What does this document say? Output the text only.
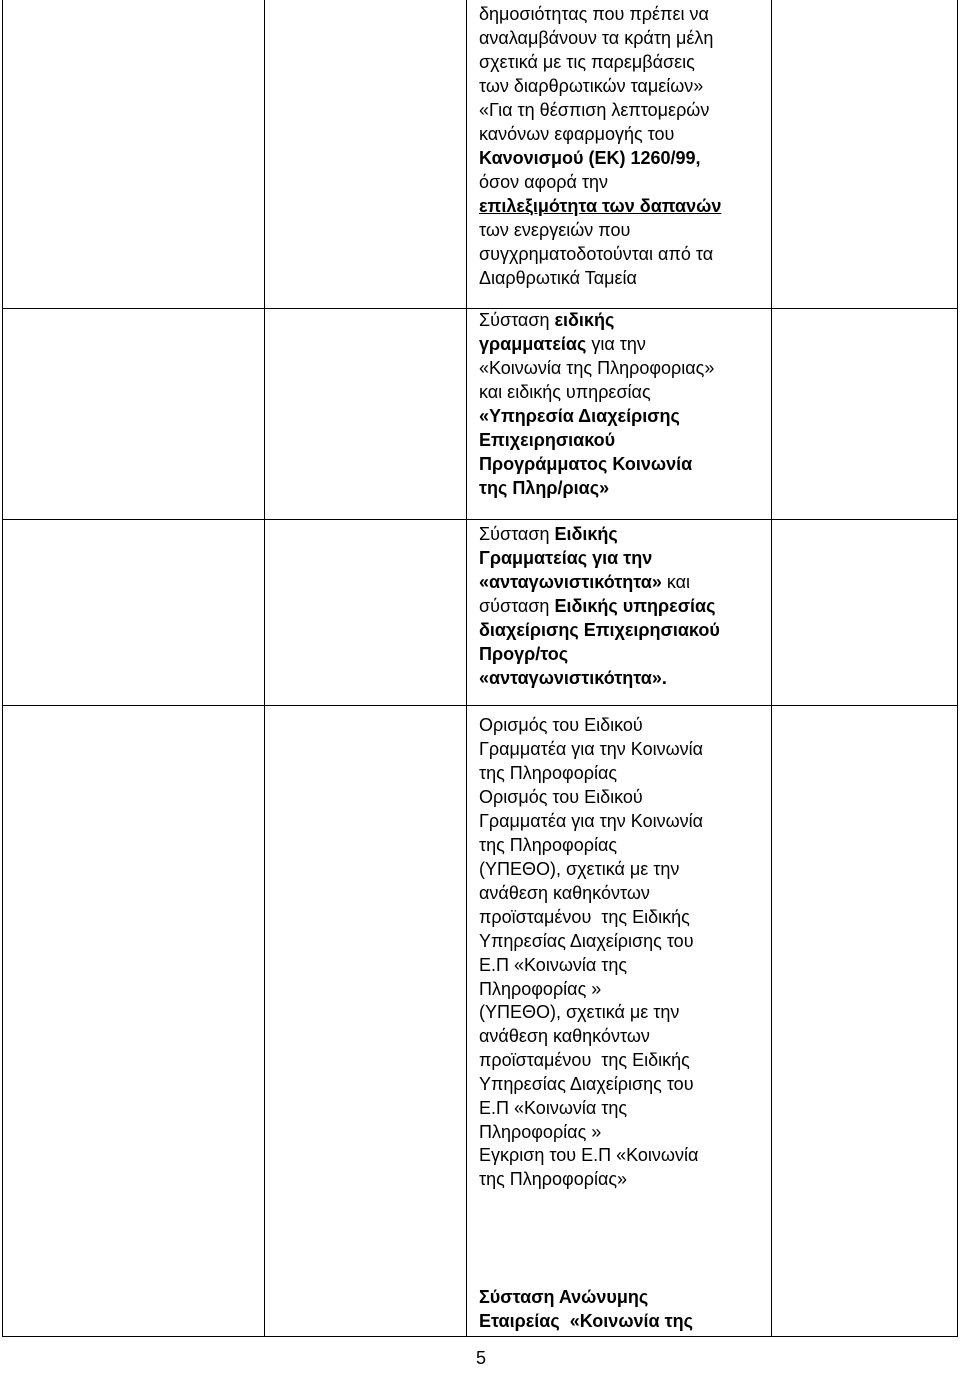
δημοσιότητας που πρέπει να
αναλαμβάνουν τα κράτη μέλη
σχετικά με τις παρεμβάσεις
των διαρθρωτικών ταμείων»
«Για τη θέσπιση λεπτομερών
κανόνων εφαρμογής του
Κανονισμού (ΕΚ) 1260/99,
όσον αφορά την
επιλεξιμότητα των δαπανών
των ενεργειών που
συγχρηματοδοτούνται από τα
Διαρθρωτικά Ταμεία
Σύσταση ειδικής
γραμματείας για την
«Κοινωνία της Πληροφοριας»
και ειδικής υπηρεσίας
«Υπηρεσία Διαχείρισης
Επιχειρησιακού
Προγράμματος Κοινωνία
της Πληρ/ριας»
Σύσταση Ειδικής
Γραμματείας για την
«ανταγωνιστικότητα» και
σύσταση Ειδικής υπηρεσίας
διαχείρισης Επιχειρησιακού
Προγρ/τος
«ανταγωνιστικότητα».
Ορισμός του Ειδικού
Γραμματέα για την Κοινωνία
της Πληροφορίας
Ορισμός του Ειδικού
Γραμματέα για την Κοινωνία
της Πληροφορίας
(ΥΠΕΘΟ), σχετικά με την
ανάθεση καθηκόντων
προϊσταμένου  της Ειδικής
Υπηρεσίας Διαχείρισης του
Ε.Π «Κοινωνία της
Πληροφορίας »
(ΥΠΕΘΟ), σχετικά με την
ανάθεση καθηκόντων
προϊσταμένου  της Ειδικής
Υπηρεσίας Διαχείρισης του
Ε.Π «Κοινωνία της
Πληροφορίας »
Εγκριση του Ε.Π «Κοινωνία
της Πληροφορίας»
Σύσταση Ανώνυμης
Εταιρείας  «Κοινωνία της
5
